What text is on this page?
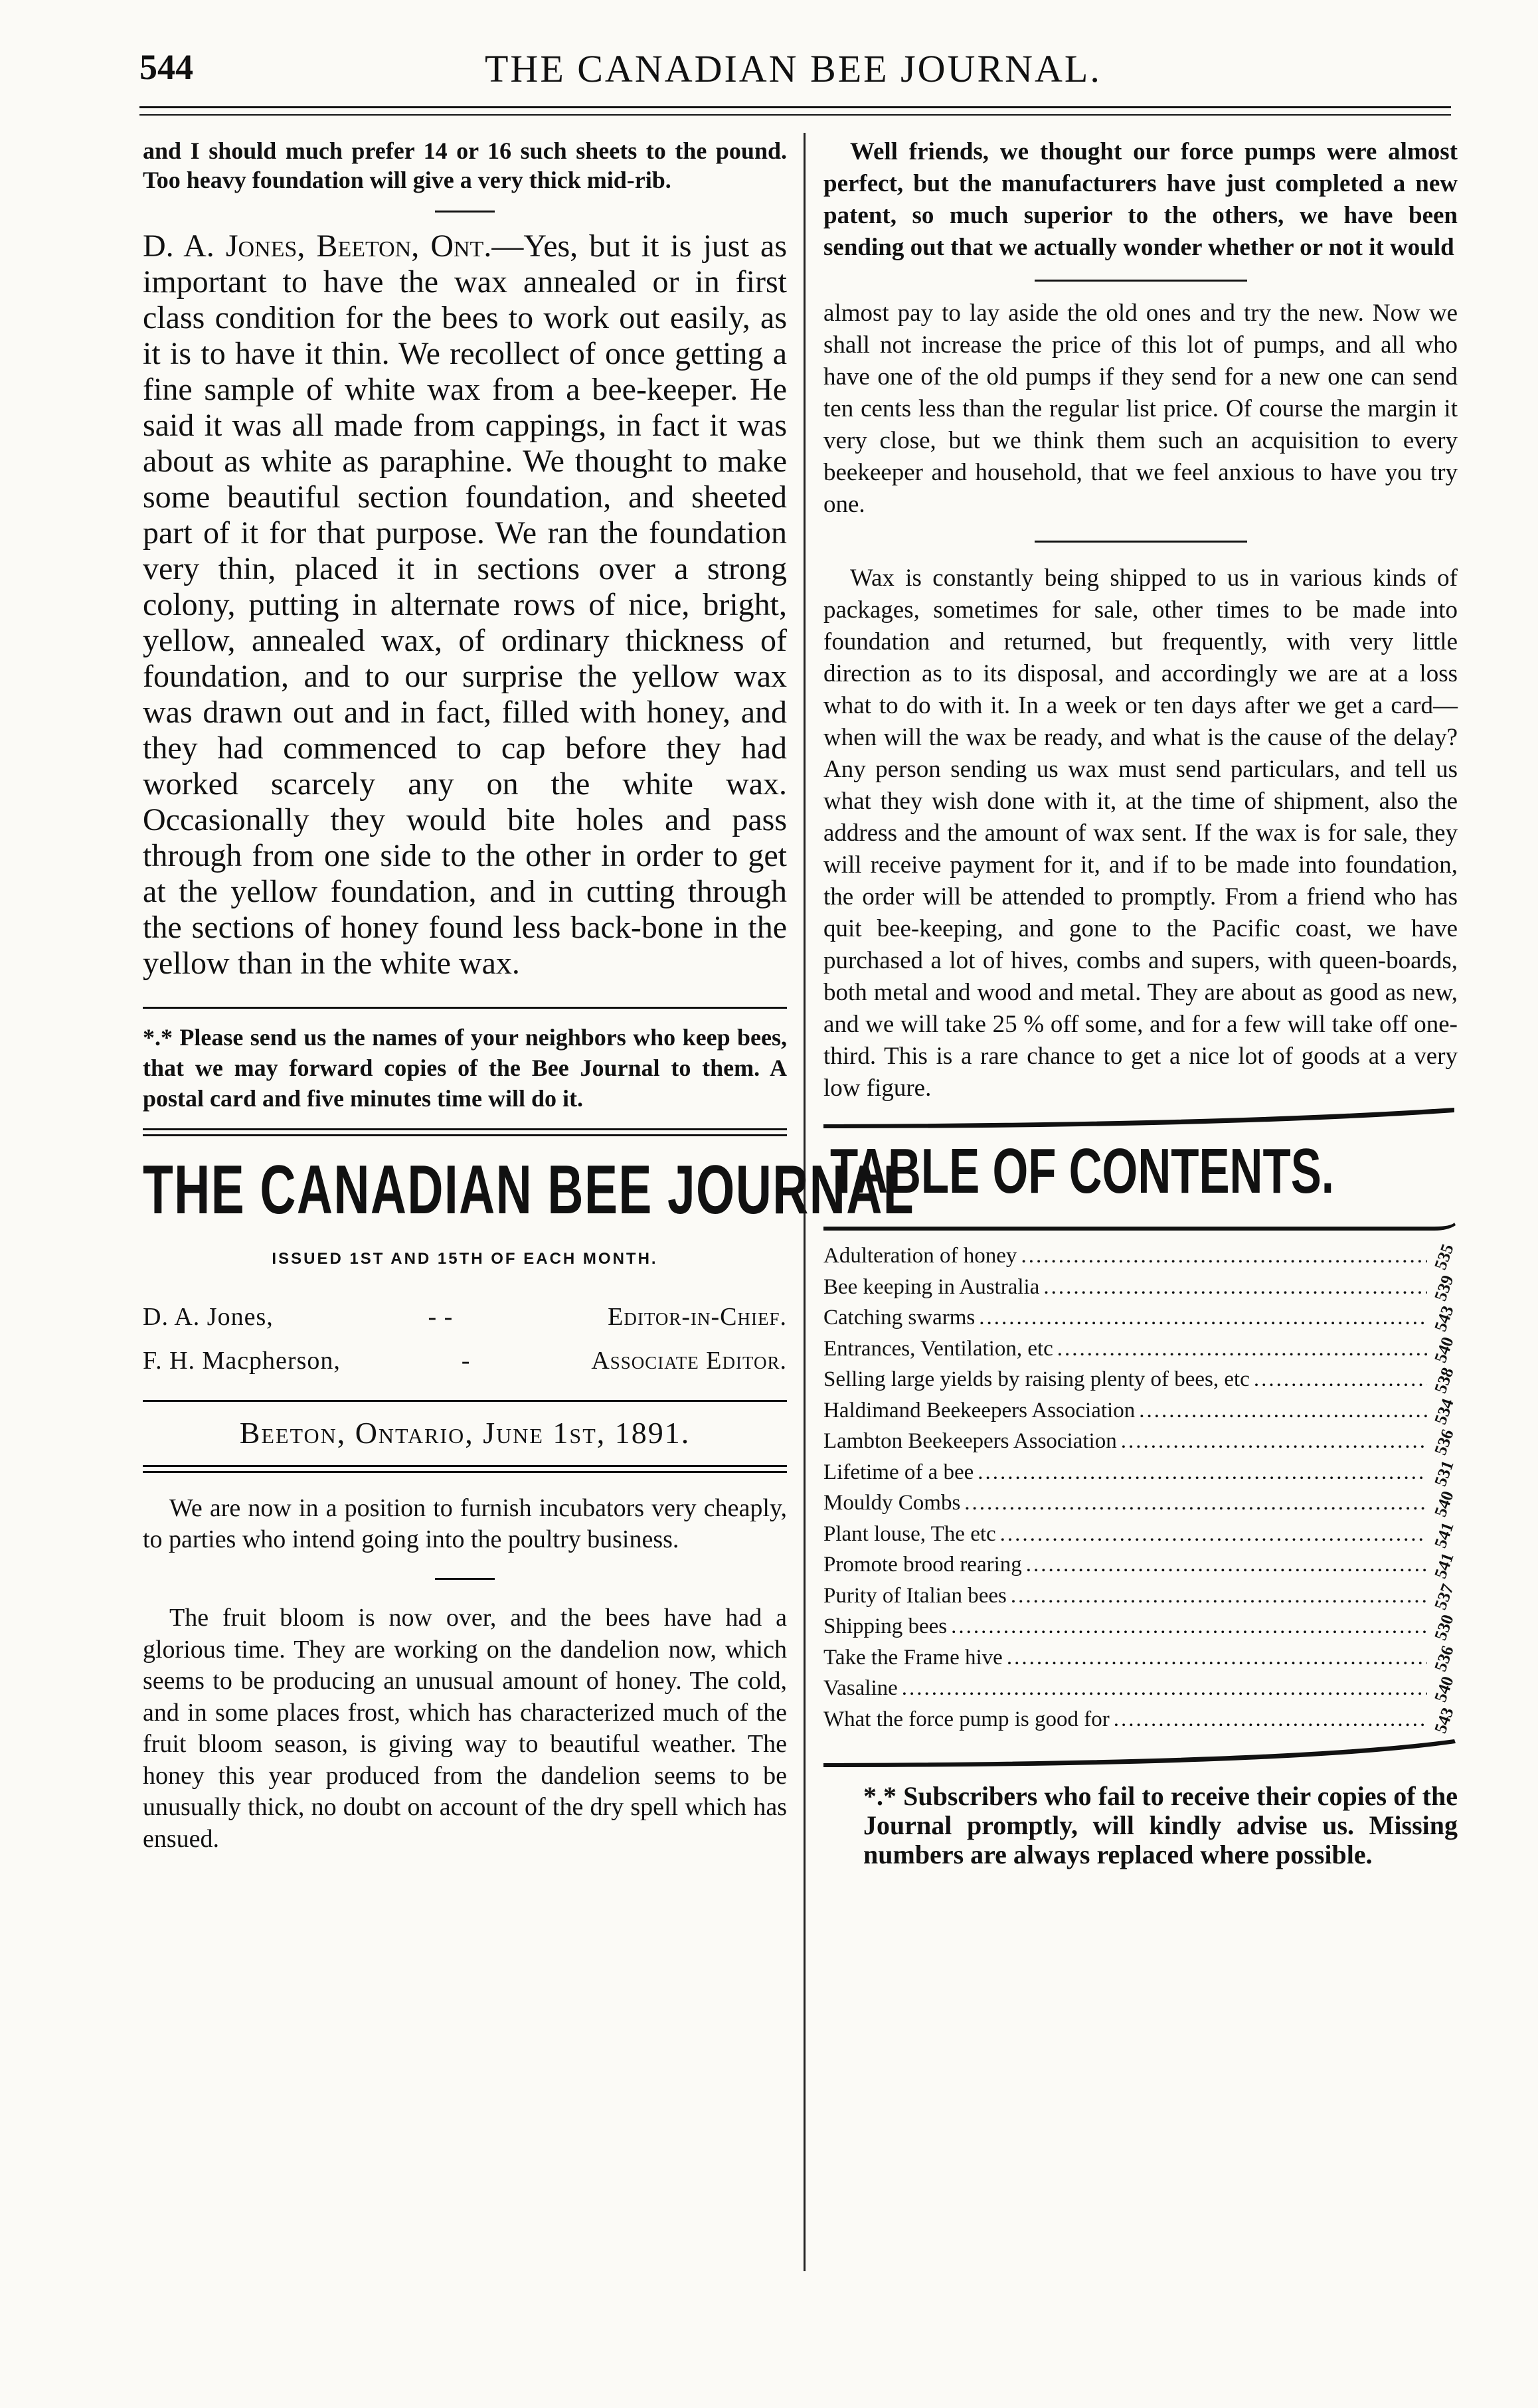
544	THE CANADIAN BEE JOURNAL.

and I should much prefer 14 or 16 such sheets to the pound. Too heavy foundation will give a very thick mid-rib.

D. A. Jones, Beeton, Ont.—Yes, but it is just as important to have the wax annealed or in first class condition for the bees to work out easily, as it is to have it thin. We recollect of once getting a fine sample of white wax from a bee-keeper. He said it was all made from cappings, in fact it was about as white as paraphine. We thought to make some beautiful section foundation, and sheeted part of it for that purpose. We ran the foundation very thin, placed it in sections over a strong colony, putting in alternate rows of nice, bright, yellow, annealed wax, of ordinary thickness of foundation, and to our surprise the yellow wax was drawn out and in fact, filled with honey, and they had commenced to cap before they had worked scarcely any on the white wax. Occasionally they would bite holes and pass through from one side to the other in order to get at the yellow foundation, and in cutting through the sections of honey found less back-bone in the yellow than in the white wax.

*.* Please send us the names of your neighbors who keep bees, that we may forward copies of the Bee Journal to them. A postal card and five minutes time will do it.

THE CANADIAN BEE JOURNAL
ISSUED 1ST AND 15TH OF EACH MONTH.
D. A. Jones,	- -	Editor-in-Chief.
F. H. Macpherson,	-	Associate Editor.
Beeton, Ontario, June 1st, 1891.

We are now in a position to furnish incubators very cheaply, to parties who intend going into the poultry business.

The fruit bloom is now over, and the bees have had a glorious time. They are working on the dandelion now, which seems to be producing an unusual amount of honey. The cold, and in some places frost, which has characterized much of the fruit bloom season, is giving way to beautiful weather. The honey this year produced from the dandelion seems to be unusually thick, no doubt on account of the dry spell which has ensued.

Well friends, we thought our force pumps were almost perfect, but the manufacturers have just completed a new patent, so much superior to the others, we have been sending out that we actually wonder whether or not it would

almost pay to lay aside the old ones and try the new. Now we shall not increase the price of this lot of pumps, and all who have one of the old pumps if they send for a new one can send ten cents less than the regular list price. Of course the margin it very close, but we think them such an acquisition to every beekeeper and household, that we feel anxious to have you try one.

Wax is constantly being shipped to us in various kinds of packages, sometimes for sale, other times to be made into foundation and returned, but frequently, with very little direction as to its disposal, and accordingly we are at a loss what to do with it. In a week or ten days after we get a card—when will the wax be ready, and what is the cause of the delay? Any person sending us wax must send particulars, and tell us what they wish done with it, at the time of shipment, also the address and the amount of wax sent. If the wax is for sale, they will receive payment for it, and if to be made into foundation, the order will be attended to promptly. From a friend who has quit bee-keeping, and gone to the Pacific coast, we have purchased a lot of hives, combs and supers, with queen-boards, both metal and wood and metal. They are about as good as new, and we will take 25 % off some, and for a few will take off one-third. This is a rare chance to get a nice lot of goods at a very low figure.

TABLE OF CONTENTS.
Adulteration of honey .....	535
Bee keeping in Australia .....	539
Catching swarms .....	543
Entrances, Ventilation, etc .....	540
Selling large yields by raising plenty of bees, etc .....	538
Haldimand Beekeepers Association .....	534
Lambton Beekeepers Association .....	536
Lifetime of a bee .....	531
Mouldy Combs .....	540
Plant louse, The etc .....	541
Promote brood rearing .....	541
Purity of Italian bees .....	537
Shipping bees .....	530
Take the Frame hive .....	536
Vasaline .....	540
What the force pump is good for .....	543

*.* Subscribers who fail to receive their copies of the Journal promptly, will kindly advise us. Missing numbers are always replaced where possible.
